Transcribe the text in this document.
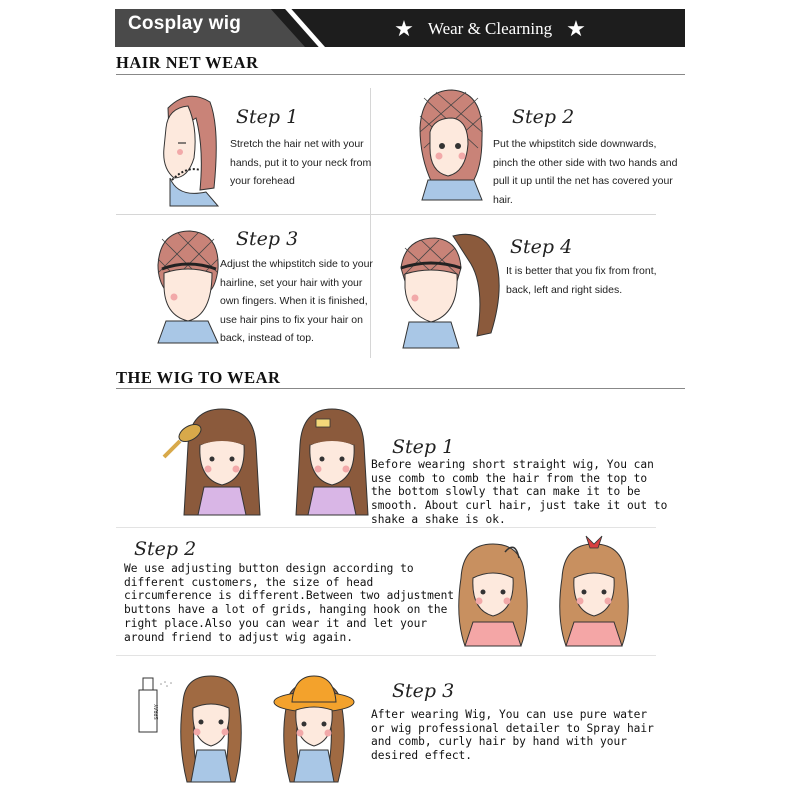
Cosplay wig	★ Wear & Clearning ★
HAIR NET WEAR
Step 1
Stretch the hair net with your hands, put it to your neck from your forehead
Step 2
Put the whipstitch side downwards, pinch the other side with two hands and pull it up until the net has covered your hair.
Step 3
Adjust the whipstitch side to your hairline, set your hair with your own fingers. When it is finished, use hair pins to fix your hair on back, instead of top.
Step 4
It is better that you fix from front, back, left and right sides.
THE WIG TO WEAR
Step 1
Before wearing short straight wig, You can use comb to comb the hair from the top to the bottom slowly that can make it to be smooth. About curl hair, just take it out to shake a shake is ok.
Step 2
We use adjusting button design according to different customers, the size of head circumference is different.Between two adjustment buttons have a lot of grids, hanging hook on the right place.Also you can wear it and let your around friend to adjust wig again.
SPRAY
Step 3
After wearing Wig, You can use pure water or wig professional detailer to Spray hair and comb, curly hair by hand with your desired effect.
